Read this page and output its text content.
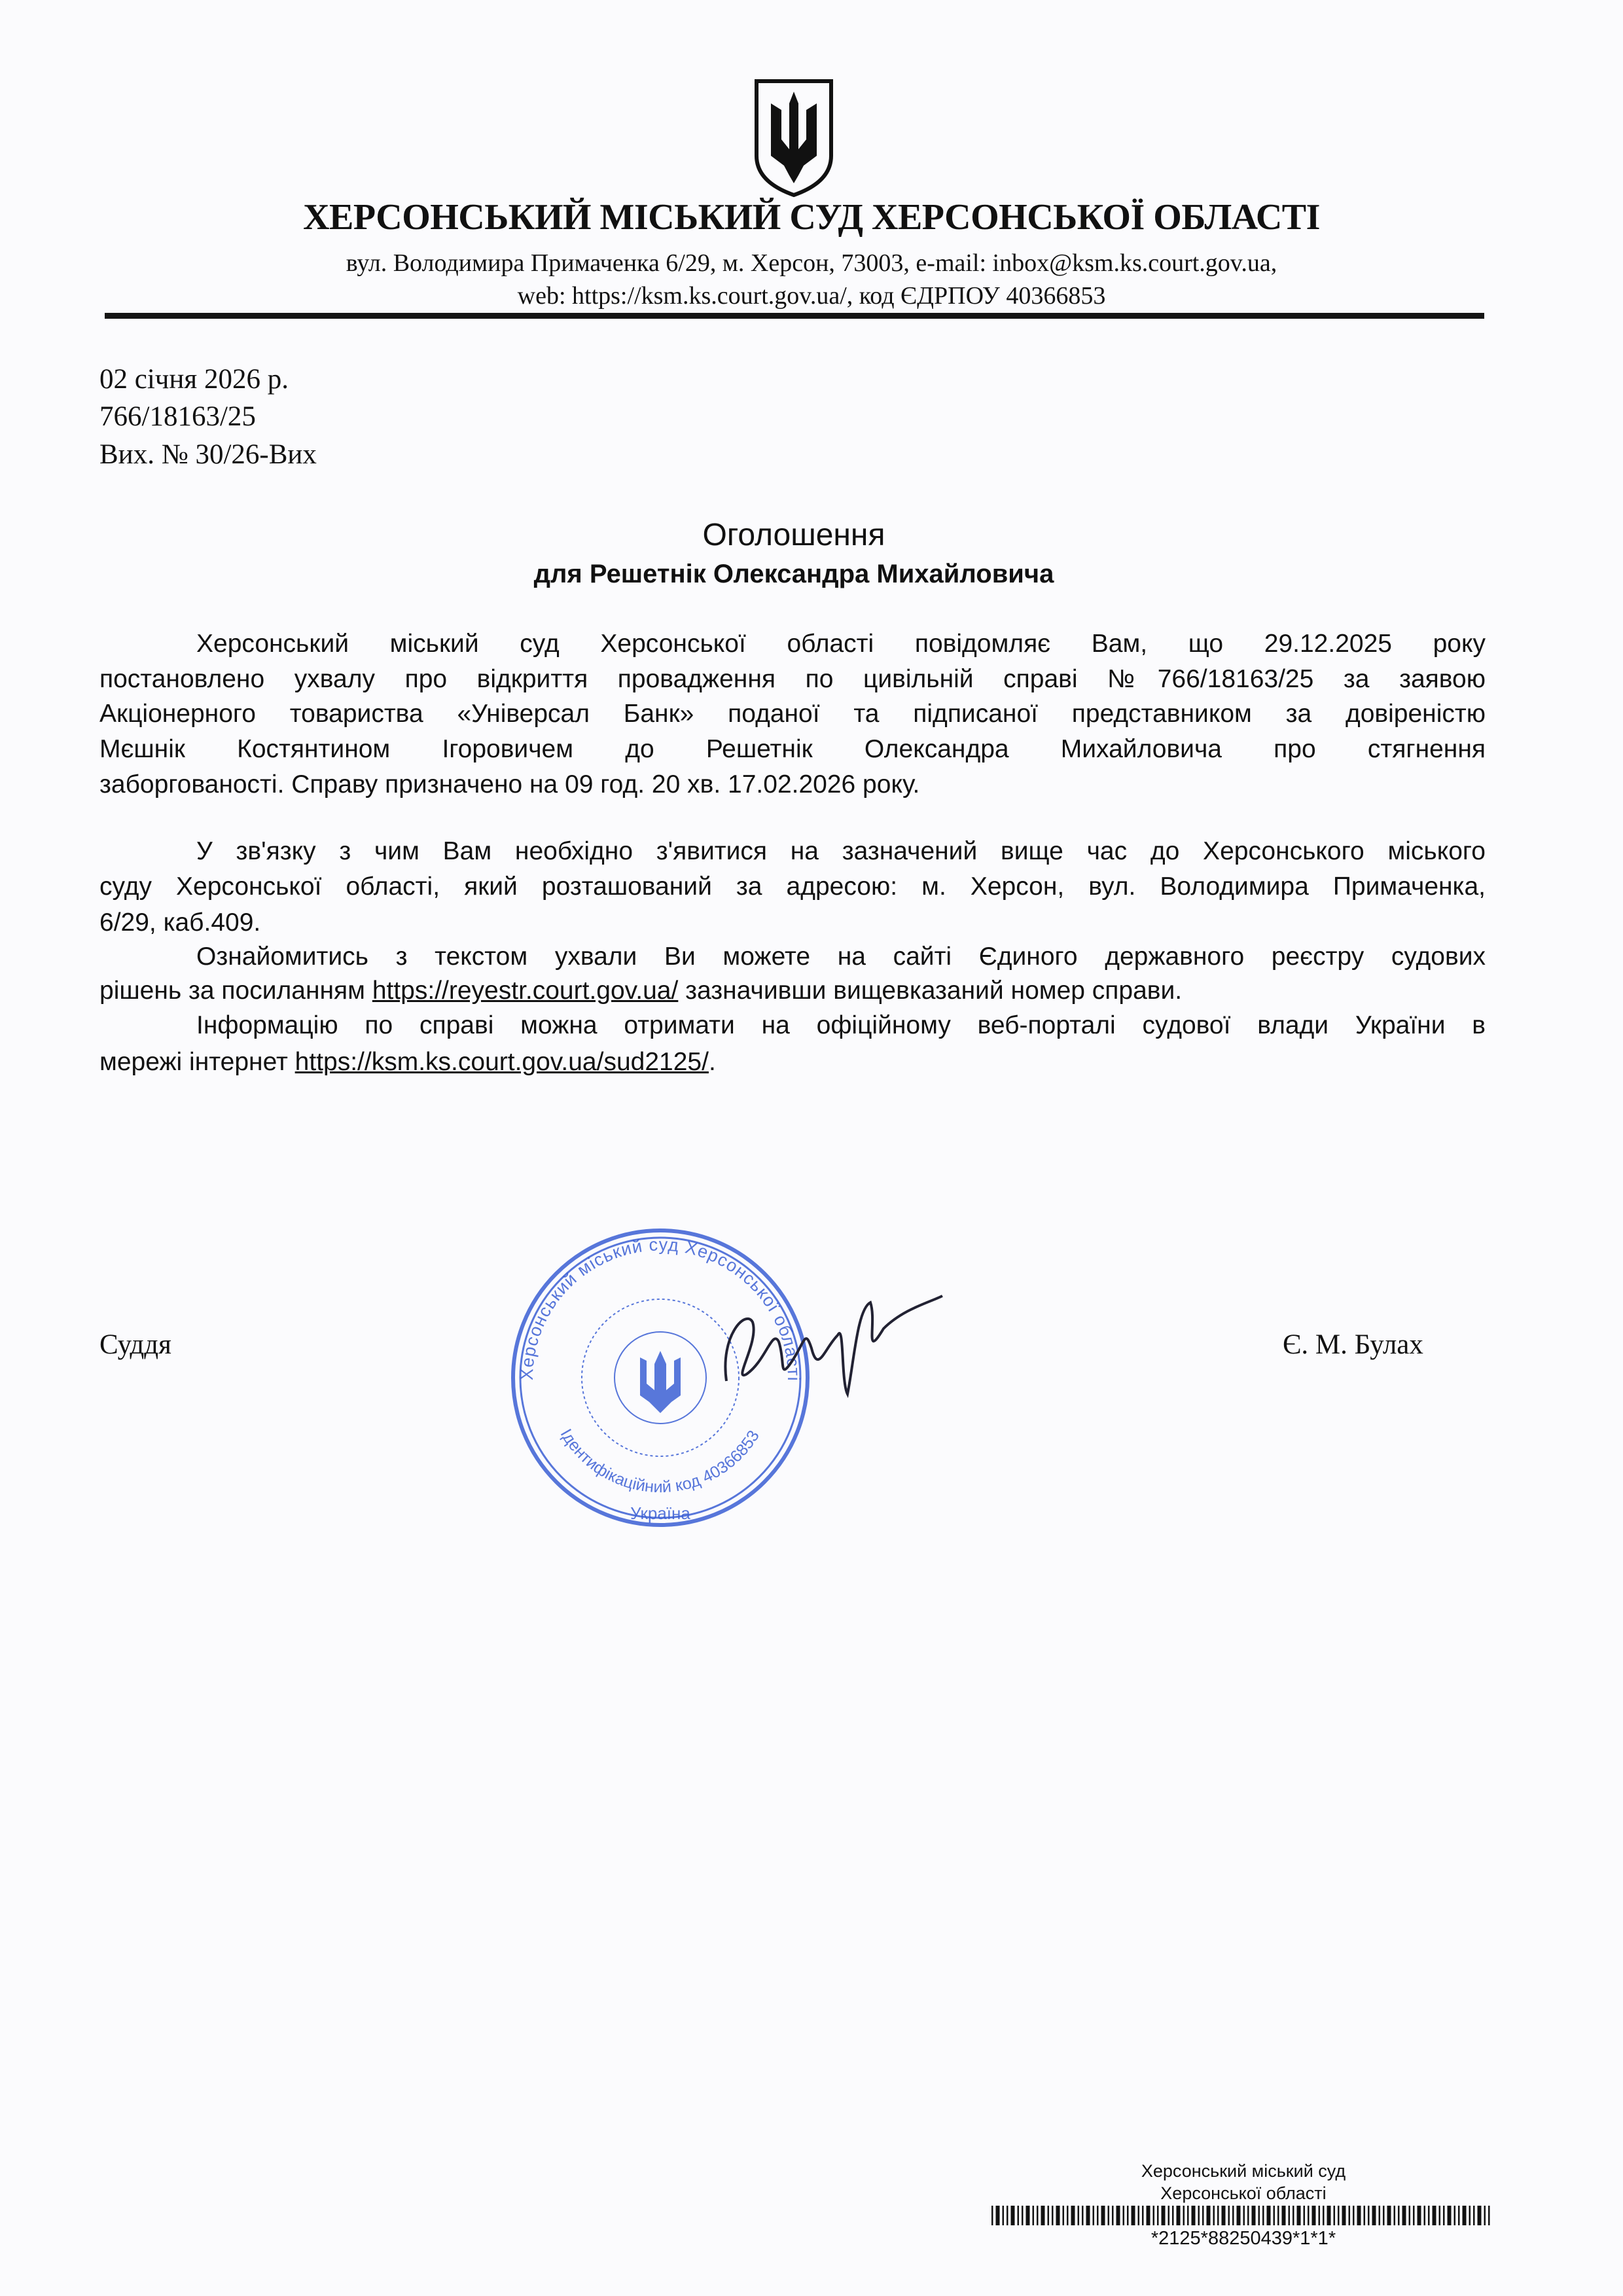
ХЕРСОНСЬКИЙ МІСЬКИЙ СУД ХЕРСОНСЬКОЇ ОБЛАСТІ
вул. Володимира Примаченка 6/29, м. Херсон, 73003, e-mail: inbox@ksm.ks.court.gov.ua,
web: https://ksm.ks.court.gov.ua/, код ЄДРПОУ 40366853
02 січня 2026 р.
766/18163/25
Вих. № 30/26-Вих
Оголошення
для Решетнік Олександра Михайловича
Херсонський міський суд Херсонської області повідомляє Вам, що 29.12.2025 року
постановлено ухвалу про відкриття провадження по цивільній справі №766/18163/25 за заявою
Акціонерного товариства «Універсал Банк» поданої та підписаної представником за довіреністю
Мєшнік Костянтином Ігоровичем до Решетнік Олександра Михайловича про стягнення
заборгованості. Справу призначено на 09 год. 20 хв. 17.02.2026 року.
У зв'язку з чим Вам необхідно з'явитися на зазначений вище час до Херсонського міського
суду Херсонської області, який розташований за адресою: м. Херсон, вул. Володимира Примаченка,
6/29, каб.409.
Ознайомитись з текстом ухвали Ви можете на сайті Єдиного державного реєстру судових
рішень за посиланням https://reyestr.court.gov.ua/ зазначивши вищевказаний номер справи.
Інформацію по справі можна отримати на офіційному веб-порталі судової влади України в
мережі інтернет https://ksm.ks.court.gov.ua/sud2125/.
Херсонський міський суд Херсонської області
Ідентифікаційний код 40366853
Україна
Суддя	Є. М. Булах
Херсонський міський суд
Херсонської області
*2125*88250439*1*1*
